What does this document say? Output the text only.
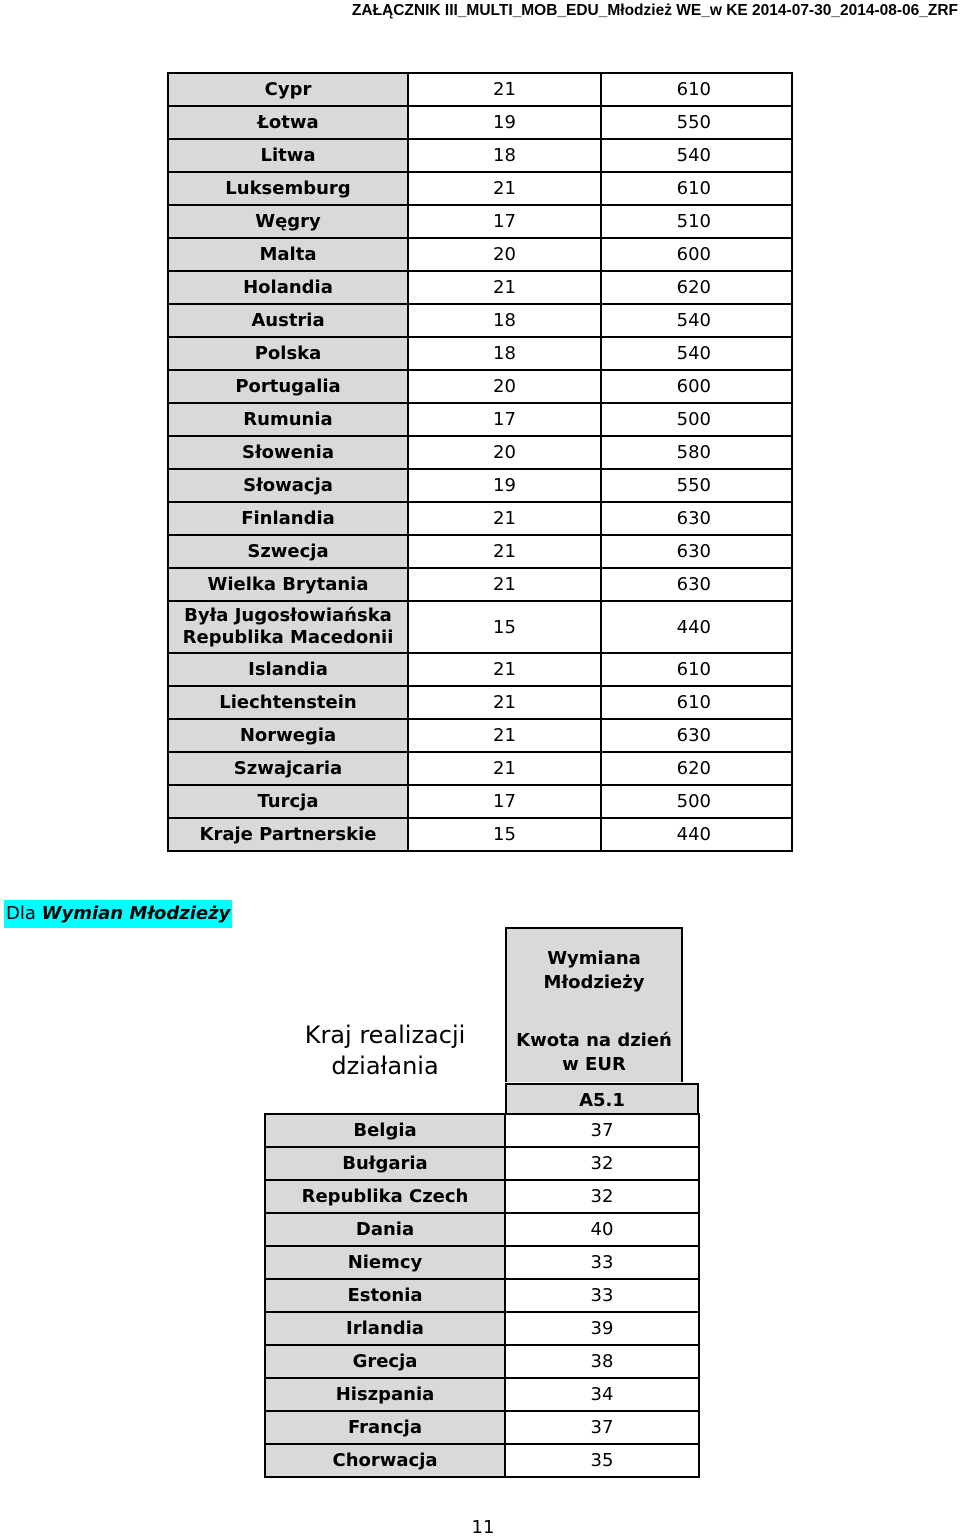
ZAŁĄCZNIK III_MULTI_MOB_EDU_Młodzież WE_w KE 2014-07-30_2014-08-06_ZRF
Cypr	21	610
Łotwa	19	550
Litwa	18	540
Luksemburg	21	610
Węgry	17	510
Malta	20	600
Holandia	21	620
Austria	18	540
Polska	18	540
Portugalia	20	600
Rumunia	17	500
Słowenia	20	580
Słowacja	19	550
Finlandia	21	630
Szwecja	21	630
Wielka Brytania	21	630

Była Jugosłowiańska
Republika Macedonii	15	440
Islandia	21	610
Liechtenstein	21	610
Norwegia	21	630
Szwajcaria	21	620
Turcja	17	500
Kraje Partnerskie	15	440
Dla Wymian Młodzieży
Wymiana
Młodzieży
Kwota na dzień
w EUR
Kraj realizacji
działania
A5.1
Belgia	37
Bułgaria	32
Republika Czech	32
Dania	40
Niemcy	33
Estonia	33
Irlandia	39
Grecja	38
Hiszpania	34
Francja	37
Chorwacja	35
11
